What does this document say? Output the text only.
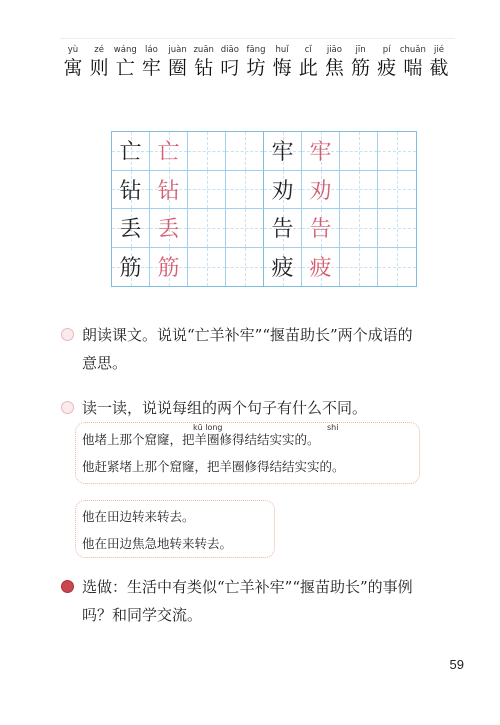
yù
寓
zé
则
wáng
亡
láo
牢
juàn
圈
zuān
钻
diāo
叼
fāng
坊
huǐ
悔
cǐ
此
jiāo
焦
jīn
筋
pí
疲
chuǎn
喘
jié
截
亡 亡	牢 牢
钻 钻	劝 劝
丢 丢	告 告
筋 筋	疲 疲
朗读课文。说说“亡羊补牢”“揠苗助长”两个成语的
意思。
读一读，说说每组的两个句子有什么不同。
kū long	shi
他堵上那个窟窿，把羊圈修得结结实实的。
他赶紧堵上那个窟窿，把羊圈修得结结实实的。
他在田边转来转去。
他在田边焦急地转来转去。
选做：生活中有类似“亡羊补牢”“揠苗助长”的事例
吗？和同学交流。
59
